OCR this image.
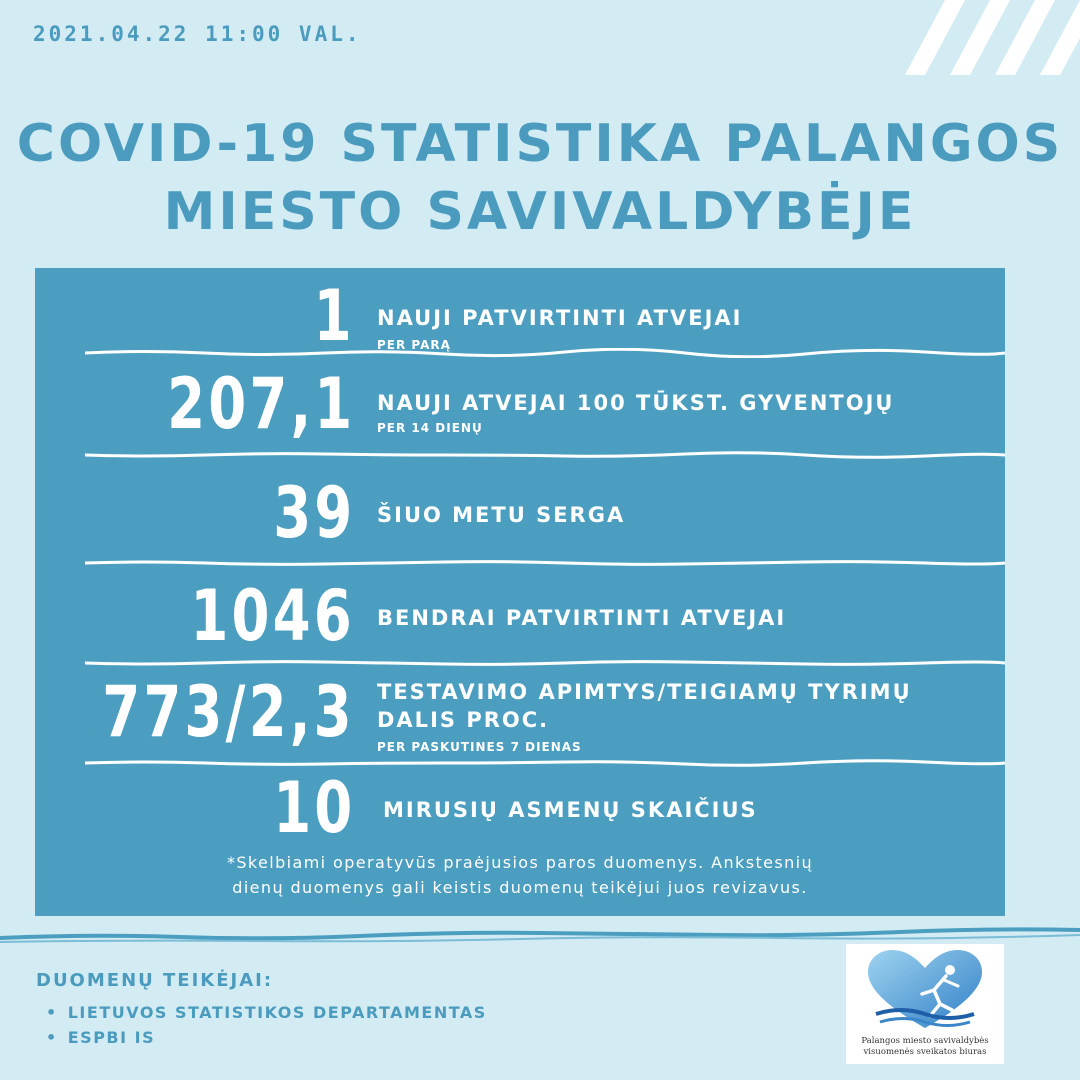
2021.04.22 11:00 VAL.
COVID-19 STATISTIKA PALANGOS
MIESTO SAVIVALDYBĖJE
1 NAUJI PATVIRTINTI ATVEJAI
PER PARĄ
207,1 NAUJI ATVEJAI 100 TŪKST. GYVENTOJŲ
PER 14 DIENŲ
39 ŠIUO METU SERGA
1046 BENDRAI PATVIRTINTI ATVEJAI
773/2,3 TESTAVIMO APIMTYS/TEIGIAMŲ TYRIMŲ
DALIS PROC.
PER PASKUTINES 7 DIENAS
10 MIRUSIŲ ASMENŲ SKAIČIUS
*Skelbiami operatyvūs praėjusios paros duomenys. Ankstesnių
dienų duomenys gali keistis duomenų teikėjui juos revizavus.
DUOMENŲ TEIKĖJAI:
• LIETUVOS STATISTIKOS DEPARTAMENTAS
• ESPBI IS	Palangos miesto savivaldybės
visuomenės sveikatos biuras
